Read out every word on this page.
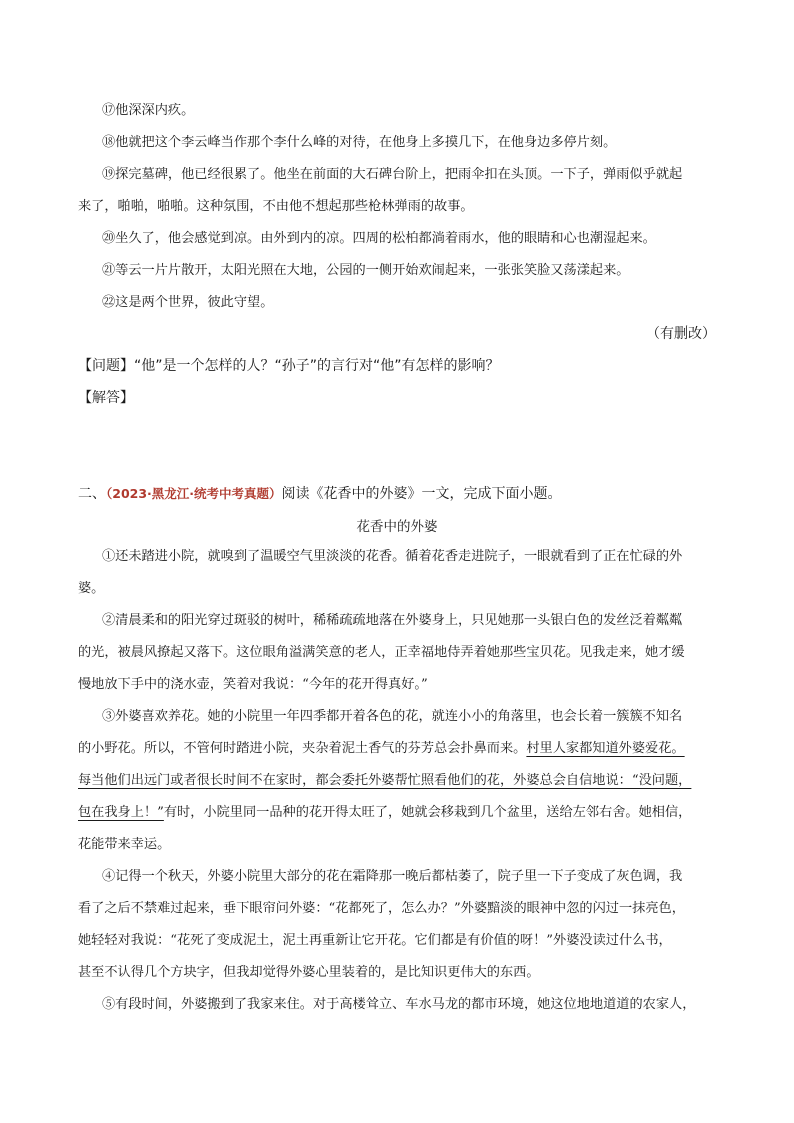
⑰他深深内疚。
⑱他就把这个李云峰当作那个李什么峰的对待，在他身上多摸几下，在他身边多停片刻。
⑲探完墓碑，他已经很累了。他坐在前面的大石碑台阶上，把雨伞扣在头顶。一下子，弹雨似乎就起
来了，啪啪，啪啪。这种氛围，不由他不想起那些枪林弹雨的故事。
⑳坐久了，他会感觉到凉。由外到内的凉。四周的松柏都淌着雨水，他的眼睛和心也潮湿起来。
㉑等云一片片散开，太阳光照在大地，公园的一侧开始欢闹起来，一张张笑脸又荡漾起来。
㉒这是两个世界，彼此守望。
（有删改）
【问题】“他”是一个怎样的人？“孙子”的言行对“他”有怎样的影响？
【解答】
二、（2023·黑龙江·统考中考真题）阅读《花香中的外婆》一文，完成下面小题。
花香中的外婆
①还未踏进小院，就嗅到了温暖空气里淡淡的花香。循着花香走进院子，一眼就看到了正在忙碌的外
婆。
②清晨柔和的阳光穿过斑驳的树叶，稀稀疏疏地落在外婆身上，只见她那一头银白色的发丝泛着粼粼
的光，被晨风撩起又落下。这位眼角溢满笑意的老人，正幸福地侍弄着她那些宝贝花。见我走来，她才缓
慢地放下手中的浇水壶，笑着对我说：“今年的花开得真好。”
③外婆喜欢养花。她的小院里一年四季都开着各色的花，就连小小的角落里，也会长着一簇簇不知名
的小野花。所以，不管何时踏进小院，夹杂着泥土香气的芬芳总会扑鼻而来。村里人家都知道外婆爱花。
每当他们出远门或者很长时间不在家时，都会委托外婆帮忙照看他们的花，外婆总会自信地说：“没问题，
包在我身上！”有时，小院里同一品种的花开得太旺了，她就会移栽到几个盆里，送给左邻右舍。她相信，
花能带来幸运。
④记得一个秋天，外婆小院里大部分的花在霜降那一晚后都枯萎了，院子里一下子变成了灰色调，我
看了之后不禁难过起来，垂下眼帘问外婆：“花都死了，怎么办？”外婆黯淡的眼神中忽的闪过一抹亮色，
她轻轻对我说：“花死了变成泥土，泥土再重新让它开花。它们都是有价值的呀！”外婆没读过什么书，
甚至不认得几个方块字，但我却觉得外婆心里装着的，是比知识更伟大的东西。
⑤有段时间，外婆搬到了我家来住。对于高楼耸立、车水马龙的都市环境，她这位地地道道的农家人，
